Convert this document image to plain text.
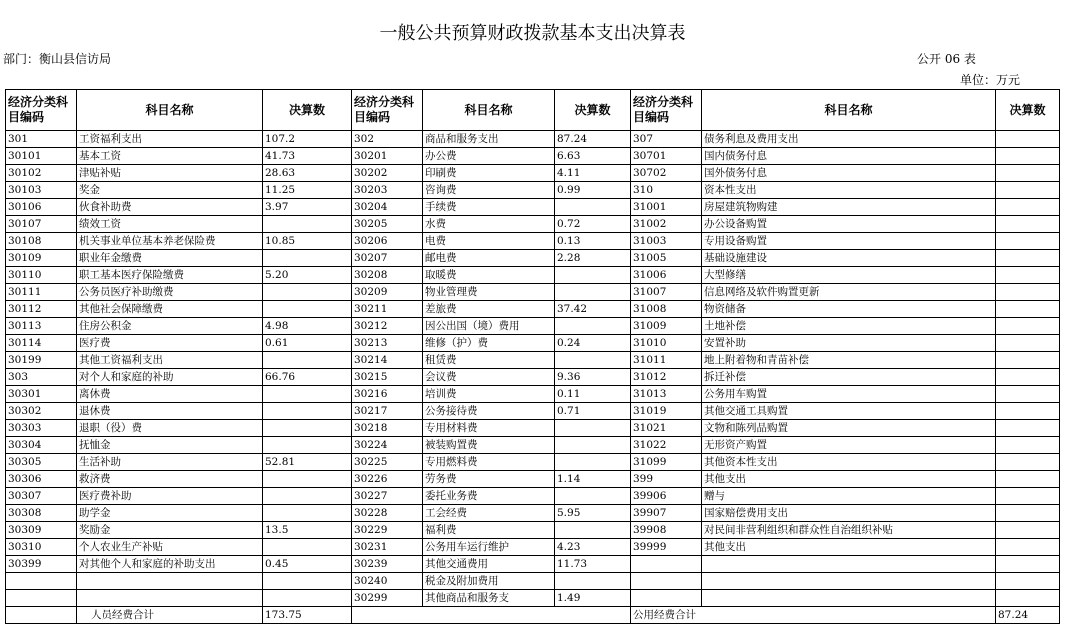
一般公共预算财政拨款基本支出决算表
部门：衡山县信访局	公开 06 表
单位：万元
经济分类科目编码	科目名称	决算数	经济分类科目编码	科目名称	决算数	经济分类科目编码	科目名称	决算数
301	工资福利支出	107.2	302	商品和服务支出	87.24	307	债务利息及费用支出	
30101	基本工资	41.73	30201	办公费	6.63	30701	国内债务付息	
30102	津贴补贴	28.63	30202	印刷费	4.11	30702	国外债务付息	
30103	奖金	11.25	30203	咨询费	0.99	310	资本性支出	
30106	伙食补助费	3.97	30204	手续费		31001	房屋建筑物购建	
30107	绩效工资		30205	水费	0.72	31002	办公设备购置	
30108	机关事业单位基本养老保险费	10.85	30206	电费	0.13	31003	专用设备购置	
30109	职业年金缴费		30207	邮电费	2.28	31005	基础设施建设	
30110	职工基本医疗保险缴费	5.20	30208	取暖费		31006	大型修缮	
30111	公务员医疗补助缴费		30209	物业管理费		31007	信息网络及软件购置更新	
30112	其他社会保障缴费		30211	差旅费	37.42	31008	物资储备	
30113	住房公积金	4.98	30212	因公出国（境）费用		31009	土地补偿	
30114	医疗费	0.61	30213	维修（护）费	0.24	31010	安置补助	
30199	其他工资福利支出		30214	租赁费		31011	地上附着物和青苗补偿	
303	对个人和家庭的补助	66.76	30215	会议费	9.36	31012	拆迁补偿	
30301	离休费		30216	培训费	0.11	31013	公务用车购置	
30302	退休费		30217	公务接待费	0.71	31019	其他交通工具购置	
30303	退职（役）费		30218	专用材料费		31021	文物和陈列品购置	
30304	抚恤金		30224	被装购置费		31022	无形资产购置	
30305	生活补助	52.81	30225	专用燃料费		31099	其他资本性支出	
30306	救济费		30226	劳务费	1.14	399	其他支出	
30307	医疗费补助		30227	委托业务费		39906	赠与	
30308	助学金		30228	工会经费	5.95	39907	国家赔偿费用支出	
30309	奖励金	13.5	30229	福利费		39908	对民间非营利组织和群众性自治组织补贴	
30310	个人农业生产补贴		30231	公务用车运行维护	4.23	39999	其他支出	
30399	对其他个人和家庭的补助支出	0.45	30239	其他交通费用	11.73			
			30240	税金及附加费用				
			30299	其他商品和服务支	1.49			
	人员经费合计	173.75				公用经费合计		87.24
